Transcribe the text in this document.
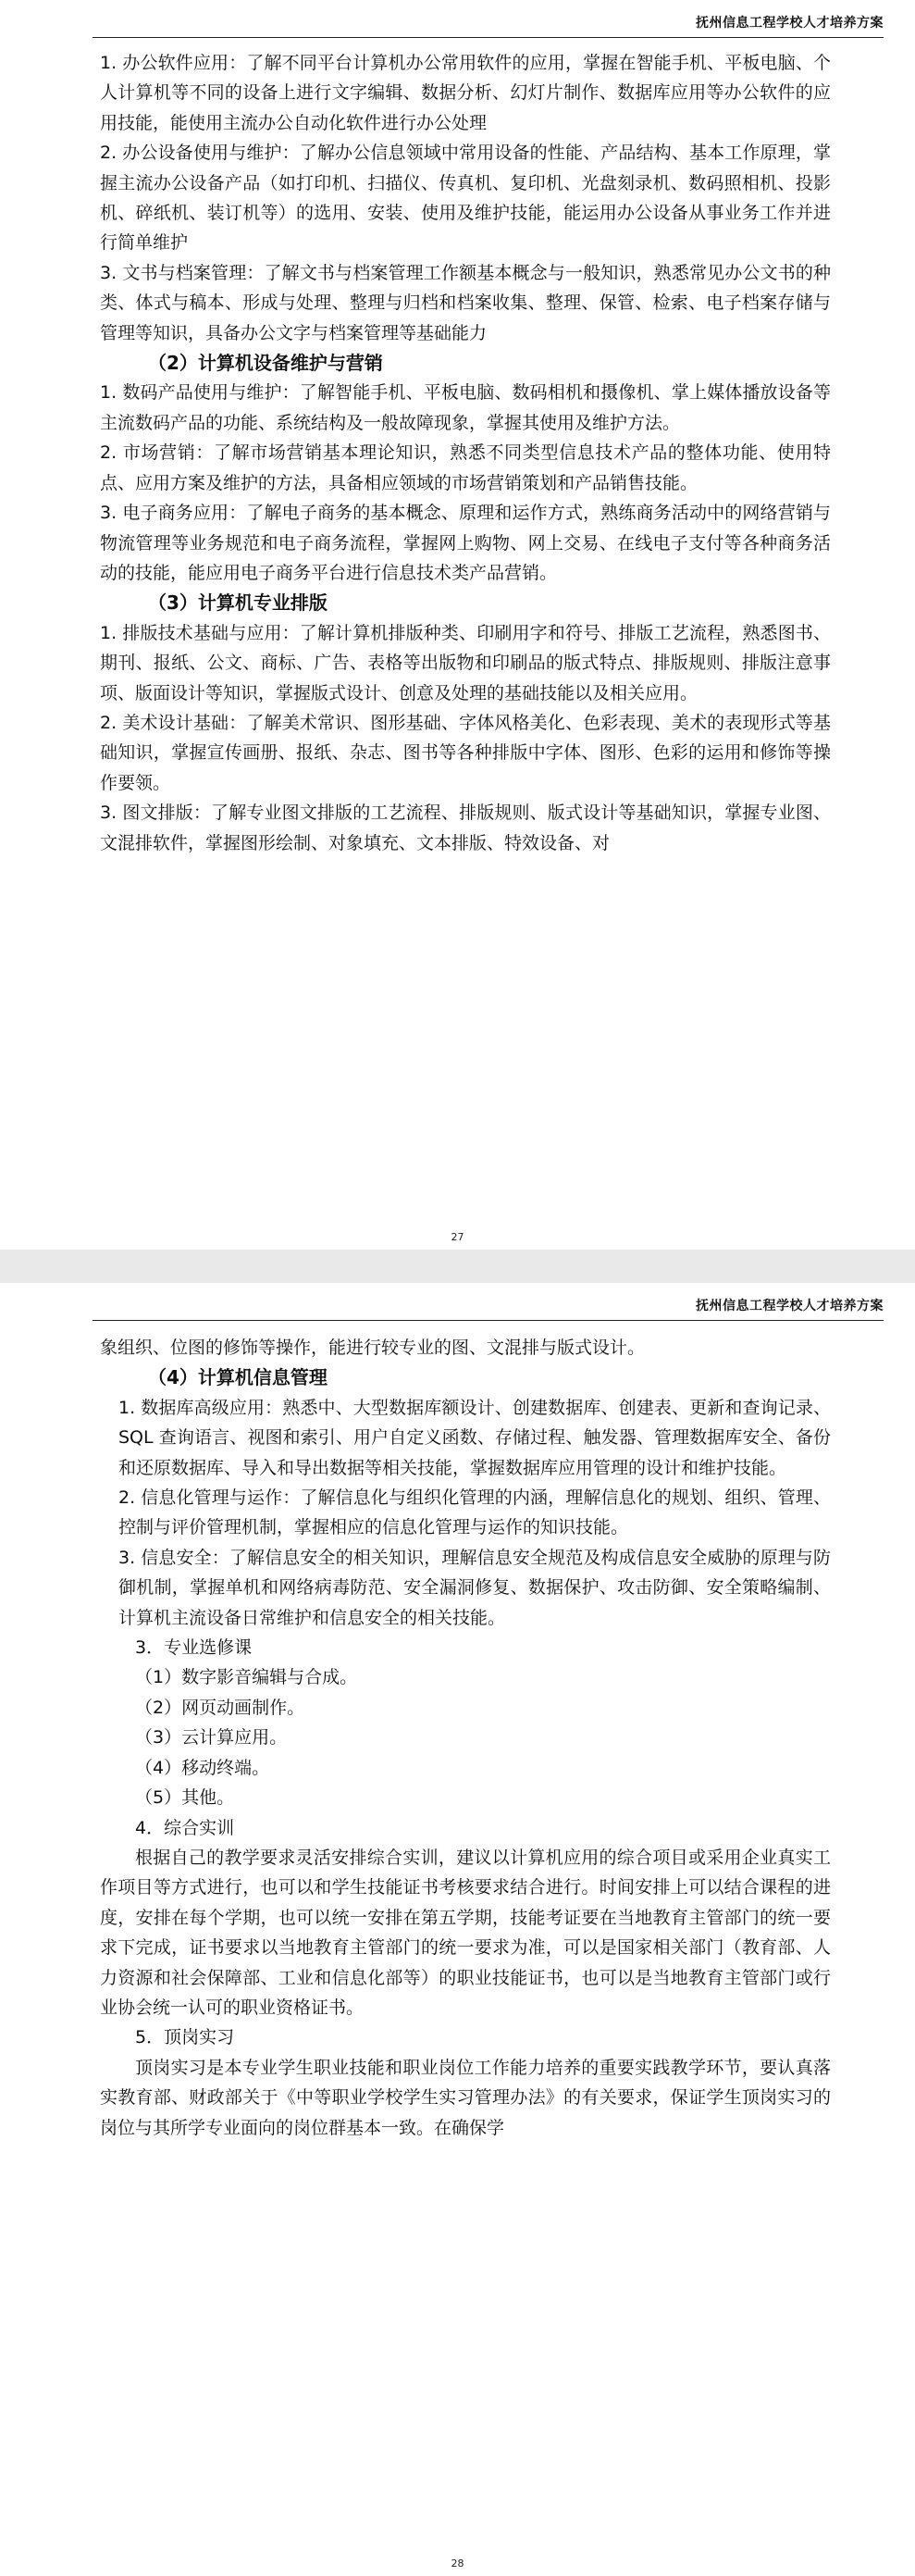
抚州信息工程学校人才培养方案

1. 办公软件应用：了解不同平台计算机办公常用软件的应用，掌握在智能手机、平板电脑、个人计算机等不同的设备上进行文字编辑、数据分析、幻灯片制作、数据库应用等办公软件的应用技能，能使用主流办公自动化软件进行办公处理

2. 办公设备使用与维护：了解办公信息领域中常用设备的性能、产品结构、基本工作原理，掌握主流办公设备产品（如打印机、扫描仪、传真机、复印机、光盘刻录机、数码照相机、投影机、碎纸机、装订机等）的选用、安装、使用及维护技能，能运用办公设备从事业务工作并进行简单维护

3. 文书与档案管理：了解文书与档案管理工作额基本概念与一般知识，熟悉常见办公文书的种类、体式与稿本、形成与处理、整理与归档和档案收集、整理、保管、检索、电子档案存储与管理等知识，具备办公文字与档案管理等基础能力

（2）计算机设备维护与营销

1. 数码产品使用与维护：了解智能手机、平板电脑、数码相机和摄像机、掌上媒体播放设备等主流数码产品的功能、系统结构及一般故障现象，掌握其使用及维护方法。

2. 市场营销：了解市场营销基本理论知识，熟悉不同类型信息技术产品的整体功能、使用特点、应用方案及维护的方法，具备相应领域的市场营销策划和产品销售技能。

3. 电子商务应用：了解电子商务的基本概念、原理和运作方式，熟练商务活动中的网络营销与物流管理等业务规范和电子商务流程，掌握网上购物、网上交易、在线电子支付等各种商务活动的技能，能应用电子商务平台进行信息技术类产品营销。

（3）计算机专业排版

1. 排版技术基础与应用：了解计算机排版种类、印刷用字和符号、排版工艺流程，熟悉图书、期刊、报纸、公文、商标、广告、表格等出版物和印刷品的版式特点、排版规则、排版注意事项、版面设计等知识，掌握版式设计、创意及处理的基础技能以及相关应用。

2. 美术设计基础：了解美术常识、图形基础、字体风格美化、色彩表现、美术的表现形式等基础知识，掌握宣传画册、报纸、杂志、图书等各种排版中字体、图形、色彩的运用和修饰等操作要领。

3. 图文排版：了解专业图文排版的工艺流程、排版规则、版式设计等基础知识，掌握专业图、文混排软件，掌握图形绘制、对象填充、文本排版、特效设备、对

27
抚州信息工程学校人才培养方案

象组织、位图的修饰等操作，能进行较专业的图、文混排与版式设计。

（4）计算机信息管理

1. 数据库高级应用：熟悉中、大型数据库额设计、创建数据库、创建表、更新和查询记录、SQL 查询语言、视图和索引、用户自定义函数、存储过程、触发器、管理数据库安全、备份和还原数据库、导入和导出数据等相关技能，掌握数据库应用管理的设计和维护技能。

2. 信息化管理与运作：了解信息化与组织化管理的内涵，理解信息化的规划、组织、管理、控制与评价管理机制，掌握相应的信息化管理与运作的知识技能。

3. 信息安全：了解信息安全的相关知识，理解信息安全规范及构成信息安全威胁的原理与防御机制，掌握单机和网络病毒防范、安全漏洞修复、数据保护、攻击防御、安全策略编制、计算机主流设备日常维护和信息安全的相关技能。

3．专业选修课

（1）数字影音编辑与合成。

（2）网页动画制作。

（3）云计算应用。

（4）移动终端。

（5）其他。

4．综合实训

根据自己的教学要求灵活安排综合实训，建议以计算机应用的综合项目或采用企业真实工作项目等方式进行，也可以和学生技能证书考核要求结合进行。时间安排上可以结合课程的进度，安排在每个学期，也可以统一安排在第五学期，技能考证要在当地教育主管部门的统一要求下完成，证书要求以当地教育主管部门的统一要求为准，可以是国家相关部门（教育部、人力资源和社会保障部、工业和信息化部等）的职业技能证书，也可以是当地教育主管部门或行业协会统一认可的职业资格证书。

5．顶岗实习

顶岗实习是本专业学生职业技能和职业岗位工作能力培养的重要实践教学环节，要认真落实教育部、财政部关于《中等职业学校学生实习管理办法》的有关要求，保证学生顶岗实习的岗位与其所学专业面向的岗位群基本一致。在确保学

28
